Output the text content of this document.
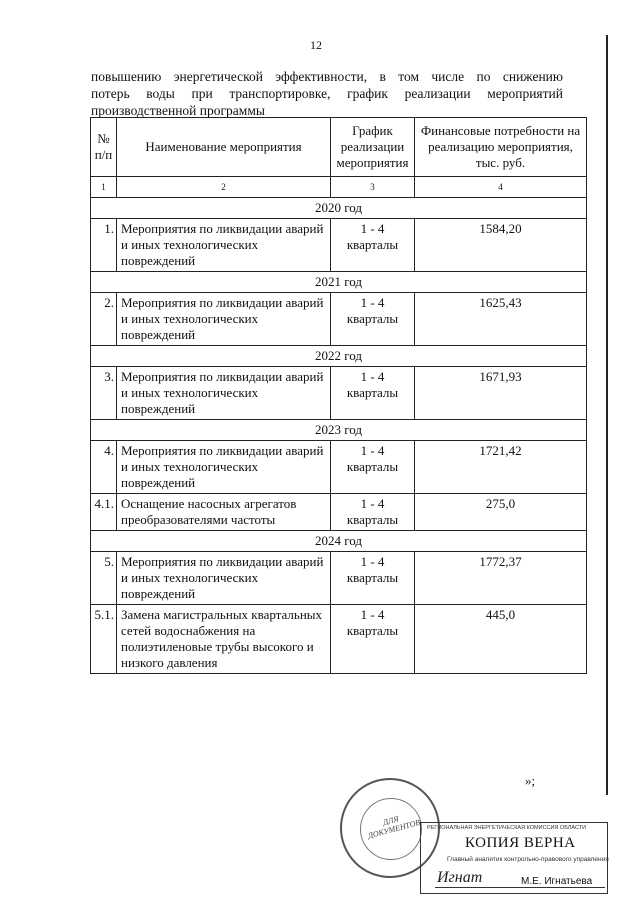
12
повышению энергетической эффективности, в том числе по снижению
потерь воды при транспортировке, график реализации мероприятий
производственной программы
№ п/п	Наименование мероприятия	График реализации мероприятия	Финансовые потребности на реализацию мероприятия, тыс. руб.
1	2	3	4
2020 год			
1.	Мероприятия по ликвидации аварий и иных технологических повреждений	1 - 4 кварталы	1584,20
2021 год			
2.	Мероприятия по ликвидации аварий и иных технологических повреждений	1 - 4 кварталы	1625,43
2022 год			
3.	Мероприятия по ликвидации аварий и иных технологических повреждений	1 - 4 кварталы	1671,93
2023 год			
4.	Мероприятия по ликвидации аварий и иных технологических повреждений	1 - 4 кварталы	1721,42
4.1.	Оснащение насосных агрегатов преобразователями частоты	1 - 4 кварталы	275,0
2024 год			
5.	Мероприятия по ликвидации аварий и иных технологических повреждений	1 - 4 кварталы	1772,37
5.1.	Замена магистральных квартальных сетей водоснабжения на полиэтиленовые трубы высокого и низкого давления	1 - 4 кварталы	445,0
»;
ДЛЯ ДОКУМЕНТОВ РЕГИОНАЛЬНАЯ ЭНЕРГЕТИЧЕСКАЯ КОМИССИЯ ОБЛАСТИ
КОПИЯ ВЕРНА
Главный аналитик контрольно-правового управления
Игнат	М.Е. Игнатьева
